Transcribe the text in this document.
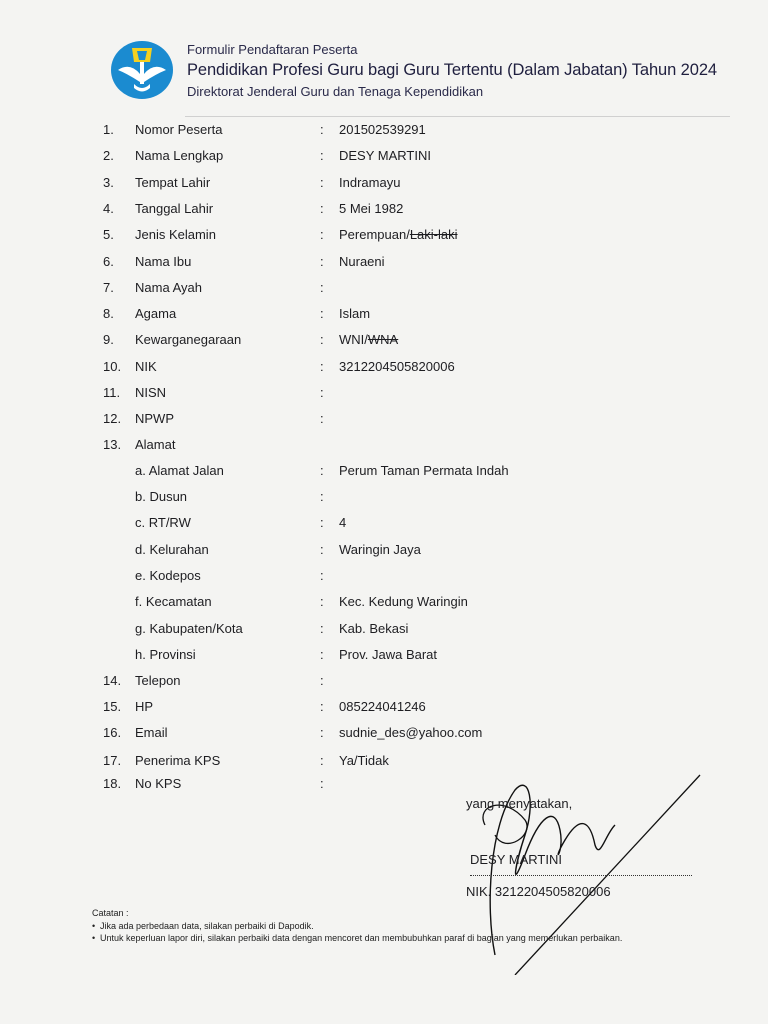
Formulir Pendaftaran Peserta
Pendidikan Profesi Guru bagi Guru Tertentu (Dalam Jabatan) Tahun 2024
Direktorat Jenderal Guru dan Tenaga Kependidikan
1. Nomor Peserta	: 201502539291
2. Nama Lengkap	: DESY MARTINI
3. Tempat Lahir	: Indramayu
4. Tanggal Lahir	: 5 Mei 1982
5. Jenis Kelamin	: Perempuan/Laki-laki
6. Nama Ibu	: Nuraeni
7. Nama Ayah	:
8. Agama	: Islam
9. Kewarganegaraan	: WNI/WNA
10. NIK	: 3212204505820006
11. NISN	:
12. NPWP	:
13. Alamat
a. Alamat Jalan	: Perum Taman Permata Indah
b. Dusun	:
c. RT/RW	: 4
d. Kelurahan	: Waringin Jaya
e. Kodepos	:
f. Kecamatan	: Kec. Kedung Waringin
g. Kabupaten/Kota	: Kab. Bekasi
h. Provinsi	: Prov. Jawa Barat
14. Telepon	:
15. HP	: 085224041246
16. Email	: sudnie_des@yahoo.com
17. Penerima KPS	: Ya/Tidak
18. No KPS	:
yang menyatakan,
DESY MARTINI
NIK. 3212204505820006
Catatan :
• Jika ada perbedaan data, silakan perbaiki di Dapodik.
• Untuk keperluan lapor diri, silakan perbaiki data dengan mencoret dan membubuhkan paraf di bagian yang memerlukan perbaikan.
